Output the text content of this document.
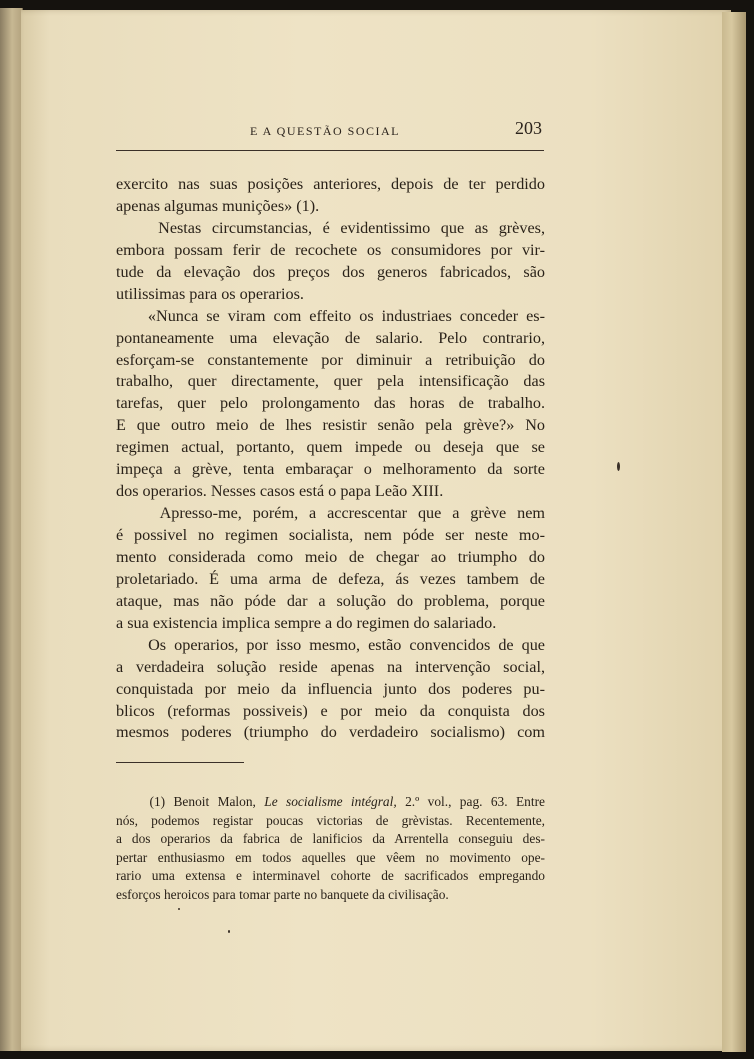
E A QUESTÃO SOCIAL	203
exercito nas suas posições anteriores, depois de ter perdido
apenas algumas munições» (1).
Nestas circumstancias, é evidentissimo que as grèves,
embora possam ferir de recochete os consumidores por vir-
tude da elevação dos preços dos generos fabricados, são
utilissimas para os operarios.
«Nunca se viram com effeito os industriaes conceder es-
pontaneamente uma elevação de salario. Pelo contrario,
esforçam-se constantemente por diminuir a retribuição do
trabalho, quer directamente, quer pela intensificação das
tarefas, quer pelo prolongamento das horas de trabalho.
E que outro meio de lhes resistir senão pela grève?» No
regimen actual, portanto, quem impede ou deseja que se
impeça a grève, tenta embaraçar o melhoramento da sorte
dos operarios. Nesses casos está o papa Leão XIII.
Apresso-me, porém, a accrescentar que a grève nem
é possivel no regimen socialista, nem póde ser neste mo-
mento considerada como meio de chegar ao triumpho do
proletariado. É uma arma de defeza, ás vezes tambem de
ataque, mas não póde dar a solução do problema, porque
a sua existencia implica sempre a do regimen do salariado.
Os operarios, por isso mesmo, estão convencidos de que
a verdadeira solução reside apenas na intervenção social,
conquistada por meio da influencia junto dos poderes pu-
blicos (reformas possiveis) e por meio da conquista dos
mesmos poderes (triumpho do verdadeiro socialismo) com
(1) Benoit Malon, Le socialisme intégral, 2.º vol., pag. 63. Entre
nós, podemos registar poucas victorias de grèvistas. Recentemente,
a dos operarios da fabrica de lanificios da Arrentella conseguiu des-
pertar enthusiasmo em todos aquelles que vêem no movimento ope-
rario uma extensa e interminavel cohorte de sacrificados empregando
esforços heroicos para tomar parte no banquete da civilisação.
